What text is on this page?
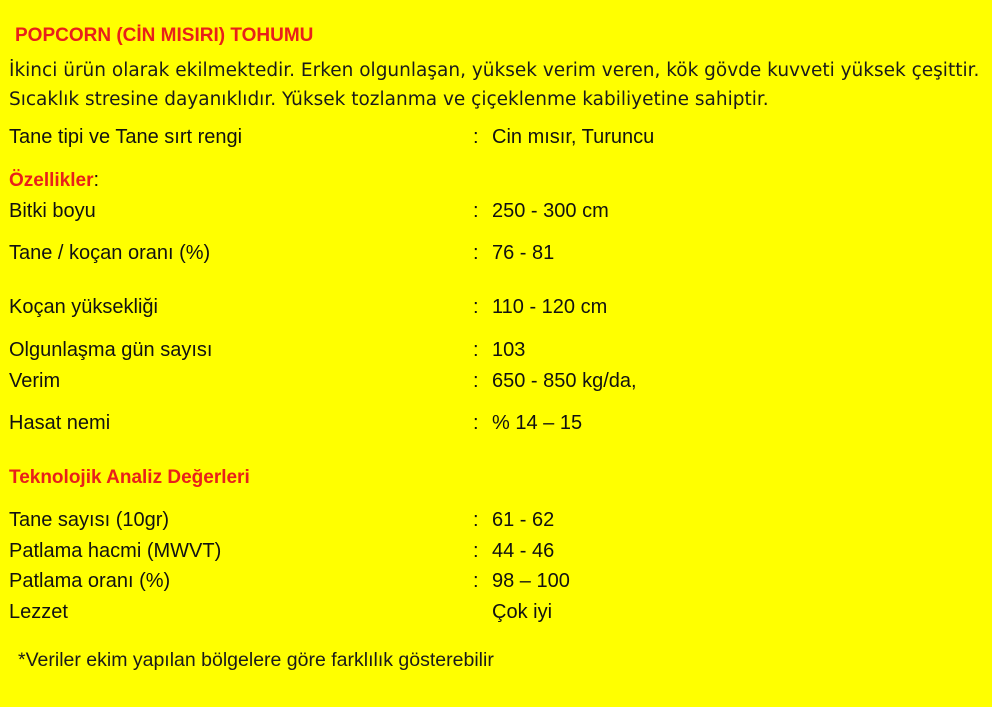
POPCORN (CİN MISIRI) TOHUMU
İkinci ürün olarak ekilmektedir. Erken olgunlaşan, yüksek verim veren, kök gövde kuvveti yüksek çeşittir. Sıcaklık stresine dayanıklıdır. Yüksek tozlanma ve çiçeklenme kabiliyetine sahiptir.
Tane tipi ve Tane sırt rengi	: Cin mısır, Turuncu
Özellikler:
Bitki boyu	: 250 - 300 cm
Tane / koçan oranı (%)	: 76 - 81
Koçan yüksekliği	: 110 - 120 cm
Olgunlaşma gün sayısı	: 103
Verim	: 650 - 850 kg/da,
Hasat nemi	: % 14 – 15
Teknolojik Analiz Değerleri
Tane sayısı (10gr)	: 61 - 62
Patlama hacmi (MWVT)	: 44 - 46
Patlama oranı (%)	: 98 – 100
Lezzet	Çok iyi
*Veriler ekim yapılan bölgelere göre farklılık gösterebilir
